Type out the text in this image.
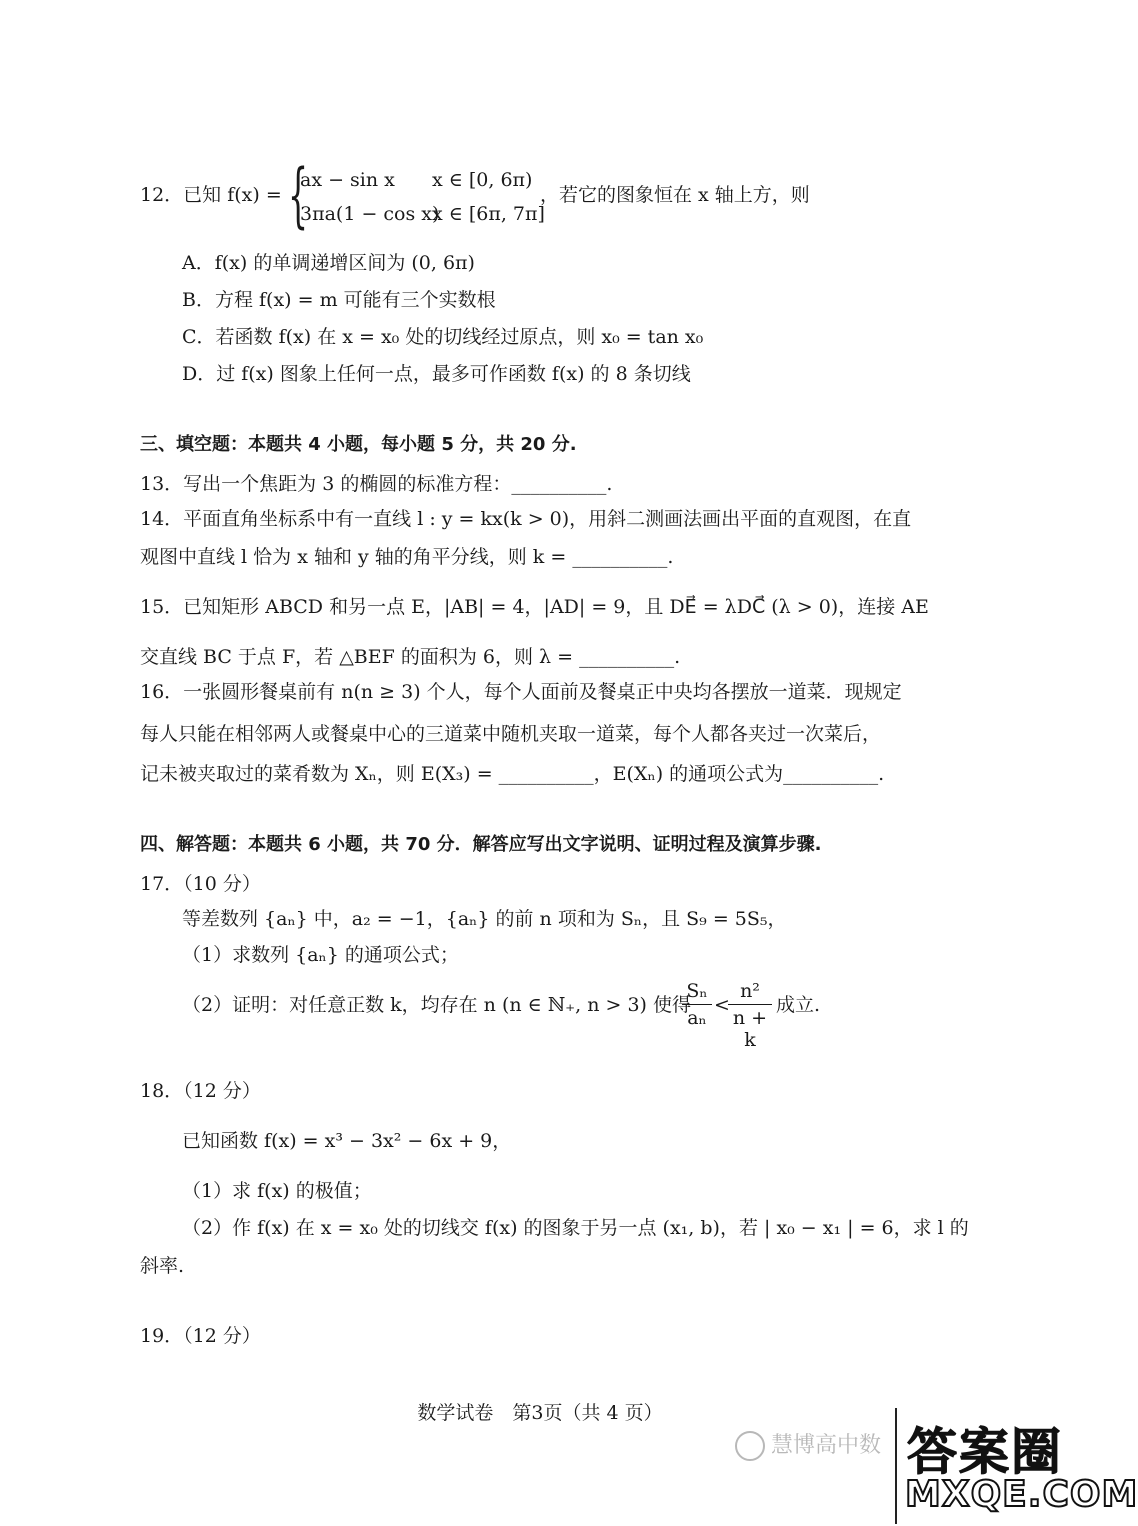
12．已知 f(x) = {
ax − sin x x ∈ [0, 6π)
3πa(1 − cos x)
x ∈ [6π, 7π]
，若它的图象恒在 x 轴上方，则
A．f(x) 的单调递增区间为 (0, 6π)
B．方程 f(x) = m 可能有三个实数根
C．若函数 f(x) 在 x = x₀ 处的切线经过原点，则 x₀ = tan x₀
D．过 f(x) 图象上任何一点，最多可作函数 f(x) 的 8 条切线
三、填空题：本题共 4 小题，每小题 5 分，共 20 分.
13．写出一个焦距为 3 的椭圆的标准方程：__________.
14．平面直角坐标系中有一直线 l : y = kx(k > 0)，用斜二测画法画出平面的直观图，在直
观图中直线 l 恰为 x 轴和 y 轴的角平分线，则 k = __________.
15．已知矩形 ABCD 和另一点 E，|AB| = 4，|AD| = 9，且 DE⃗ = λDC⃗ (λ > 0)，连接 AE
交直线 BC 于点 F，若 △BEF 的面积为 6，则 λ = __________.
16．一张圆形餐桌前有 n(n ≥ 3) 个人，每个人面前及餐桌正中央均各摆放一道菜．现规定
每人只能在相邻两人或餐桌中心的三道菜中随机夹取一道菜，每个人都各夹过一次菜后，
记未被夹取过的菜肴数为 Xₙ，则 E(X₃) = __________，E(Xₙ) 的通项公式为__________.
四、解答题：本题共 6 小题，共 70 分．解答应写出文字说明、证明过程及演算步骤.
17．（10 分）
等差数列 {aₙ} 中，a₂ = −1，{aₙ} 的前 n 项和为 Sₙ，且 S₉ = 5S₅，
（1）求数列 {aₙ} 的通项公式；
（2）证明：对任意正数 k，均存在 n (n ∈ ℕ₊, n > 3) 使得
Sₙ
aₙ
<
n²
n + k
成立.
18．（12 分）
已知函数 f(x) = x³ − 3x² − 6x + 9，
（1）求 f(x) 的极值；
（2）作 f(x) 在 x = x₀ 处的切线交 f(x) 的图象于另一点 (x₁, b)，若 | x₀ − x₁ | = 6，求 l 的
斜率.
19．（12 分）
数学试卷　第3页（共 4 页）
慧博高中数 答案圈
MXQE.COM
